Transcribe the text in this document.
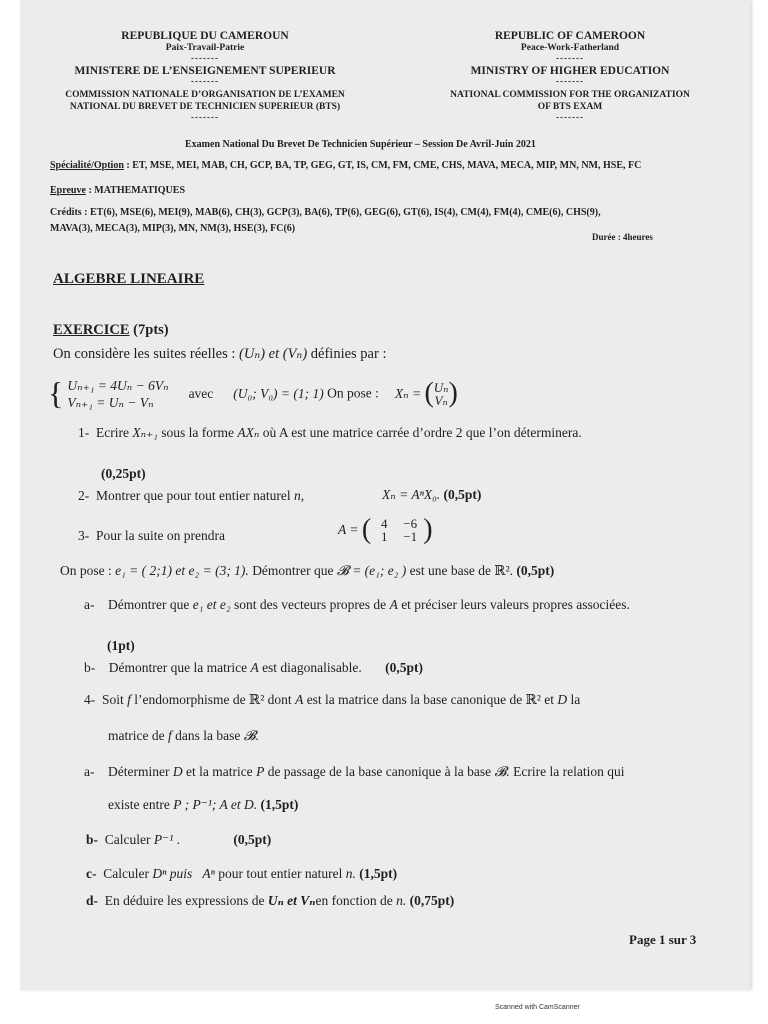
REPUBLIQUE DU CAMEROUN
Paix-Travail-Patrie
-------
MINISTERE DE L’ENSEIGNEMENT SUPERIEUR
-------
COMMISSION NATIONALE D’ORGANISATION DE L’EXAMEN
NATIONAL DU BREVET DE TECHNICIEN SUPERIEUR (BTS)
-------
REPUBLIC OF CAMEROON
Peace-Work-Fatherland
-------
MINISTRY OF HIGHER EDUCATION
-------
NATIONAL COMMISSION FOR THE ORGANIZATION
OF BTS EXAM
-------
Examen National Du Brevet De Technicien Supérieur – Session De Avril-Juin 2021
Spécialité/Option : ET, MSE, MEI, MAB, CH, GCP, BA, TP, GEG, GT, IS, CM, FM, CME, CHS, MAVA, MECA, MIP, MN, NM, HSE, FC
Epreuve : MATHEMATIQUES
Crédits : ET(6), MSE(6), MEI(9), MAB(6), CH(3), GCP(3), BA(6), TP(6), GEG(6), GT(6), IS(4), CM(4), FM(4), CME(6), CHS(9),
MAVA(3), MECA(3), MIP(3), MN, NM(3), HSE(3), FC(6)
Durée : 4heures
ALGEBRE LINEAIRE
EXERCICE (7pts)
On considère les suites réelles : (Uₙ) et (Vₙ) définies par :
{ Uₙ₊₁ = 4Uₙ − 6Vₙ
Vₙ₊₁ = Uₙ − Vₙ
avec (U₀; V₀) = (1; 1) On pose : Xₙ = ( Uₙ
Vₙ )
1- Ecrire Xₙ₊₁ sous la forme AXₙ où A est une matrice carrée d’ordre 2 que l’on déterminera.
(0,25pt)
2- Montrer que pour tout entier naturel n,	Xₙ = AⁿX₀. (0,5pt)
3- Pour la suite on prendra	A = ( 4 −6
1 −1 )
On pose : e₁ = ( 2;1) et e₂ = (3; 1). Démontrer que 𝓑 = (e₁; e₂ ) est une base de ℝ². (0,5pt)
a- Démontrer que e₁ et e₂ sont des vecteurs propres de A et préciser leurs valeurs propres associées.
(1pt)
b- Démontrer que la matrice A est diagonalisable. (0,5pt)
4- Soit f l’endomorphisme de ℝ² dont A est la matrice dans la base canonique de ℝ² et D la
matrice de f dans la base 𝓑.
a- Déterminer D et la matrice P de passage de la base canonique à la base 𝓑. Ecrire la relation qui
existe entre P ; P⁻¹; A et D. (1,5pt)
b- Calculer P⁻¹ .	(0,5pt)
c- Calculer Dⁿ puis Aⁿ pour tout entier naturel n. (1,5pt)
d- En déduire les expressions de Uₙ et Vₙen fonction de n. (0,75pt)
Page 1 sur 3
Scanned with CamScanner
